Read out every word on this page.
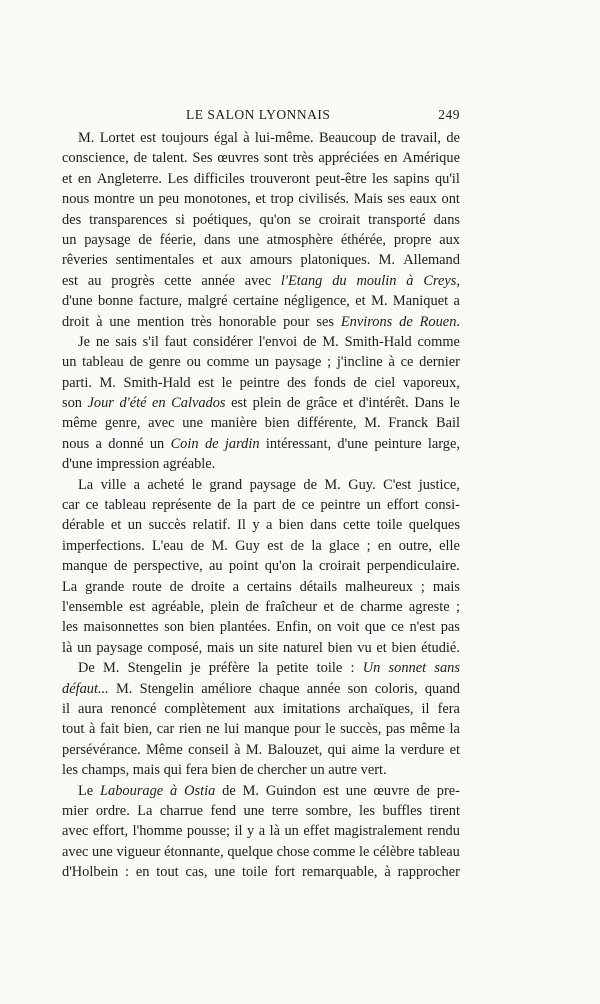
LE SALON LYONNAIS	249
M. Lortet est toujours égal à lui-même. Beaucoup de travail, de
conscience, de talent. Ses œuvres sont très appréciées en Amérique
et en Angleterre. Les difficiles trouveront peut-être les sapins qu'il
nous montre un peu monotones, et trop civilisés. Mais ses eaux ont
des transparences si poétiques, qu'on se croirait transporté dans
un paysage de féerie, dans une atmosphère éthérée, propre aux
rêveries sentimentales et aux amours platoniques. M. Allemand
est au progrès cette année avec l'Etang du moulin à Creys,
d'une bonne facture, malgré certaine négligence, et M. Maniquet a
droit à une mention très honorable pour ses Environs de Rouen.
Je ne sais s'il faut considérer l'envoi de M. Smith-Hald comme
un tableau de genre ou comme un paysage ; j'incline à ce dernier
parti. M. Smith-Hald est le peintre des fonds de ciel vaporeux,
son Jour d'été en Calvados est plein de grâce et d'intérêt. Dans le
même genre, avec une manière bien différente, M. Franck Bail
nous a donné un Coin de jardin intéressant, d'une peinture large,
d'une impression agréable.
La ville a acheté le grand paysage de M. Guy. C'est justice,
car ce tableau représente de la part de ce peintre un effort consi-
dérable et un succès relatif. Il y a bien dans cette toile quelques
imperfections. L'eau de M. Guy est de la glace ; en outre, elle
manque de perspective, au point qu'on la croirait perpendiculaire.
La grande route de droite a certains détails malheureux ; mais
l'ensemble est agréable, plein de fraîcheur et de charme agreste ;
les maisonnettes son bien plantées. Enfin, on voit que ce n'est pas
là un paysage composé, mais un site naturel bien vu et bien étudié.
De M. Stengelin je préfère la petite toile : Un sonnet sans
défaut... M. Stengelin améliore chaque année son coloris, quand
il aura renoncé complètement aux imitations archaïques, il fera
tout à fait bien, car rien ne lui manque pour le succès, pas même la
persévérance. Même conseil à M. Balouzet, qui aime la verdure et
les champs, mais qui fera bien de chercher un autre vert.
Le Labourage à Ostia de M. Guindon est une œuvre de pre-
mier ordre. La charrue fend une terre sombre, les buffles tirent
avec effort, l'homme pousse; il y a là un effet magistralement rendu
avec une vigueur étonnante, quelque chose comme le célèbre tableau
d'Holbein : en tout cas, une toile fort remarquable, à rapprocher
